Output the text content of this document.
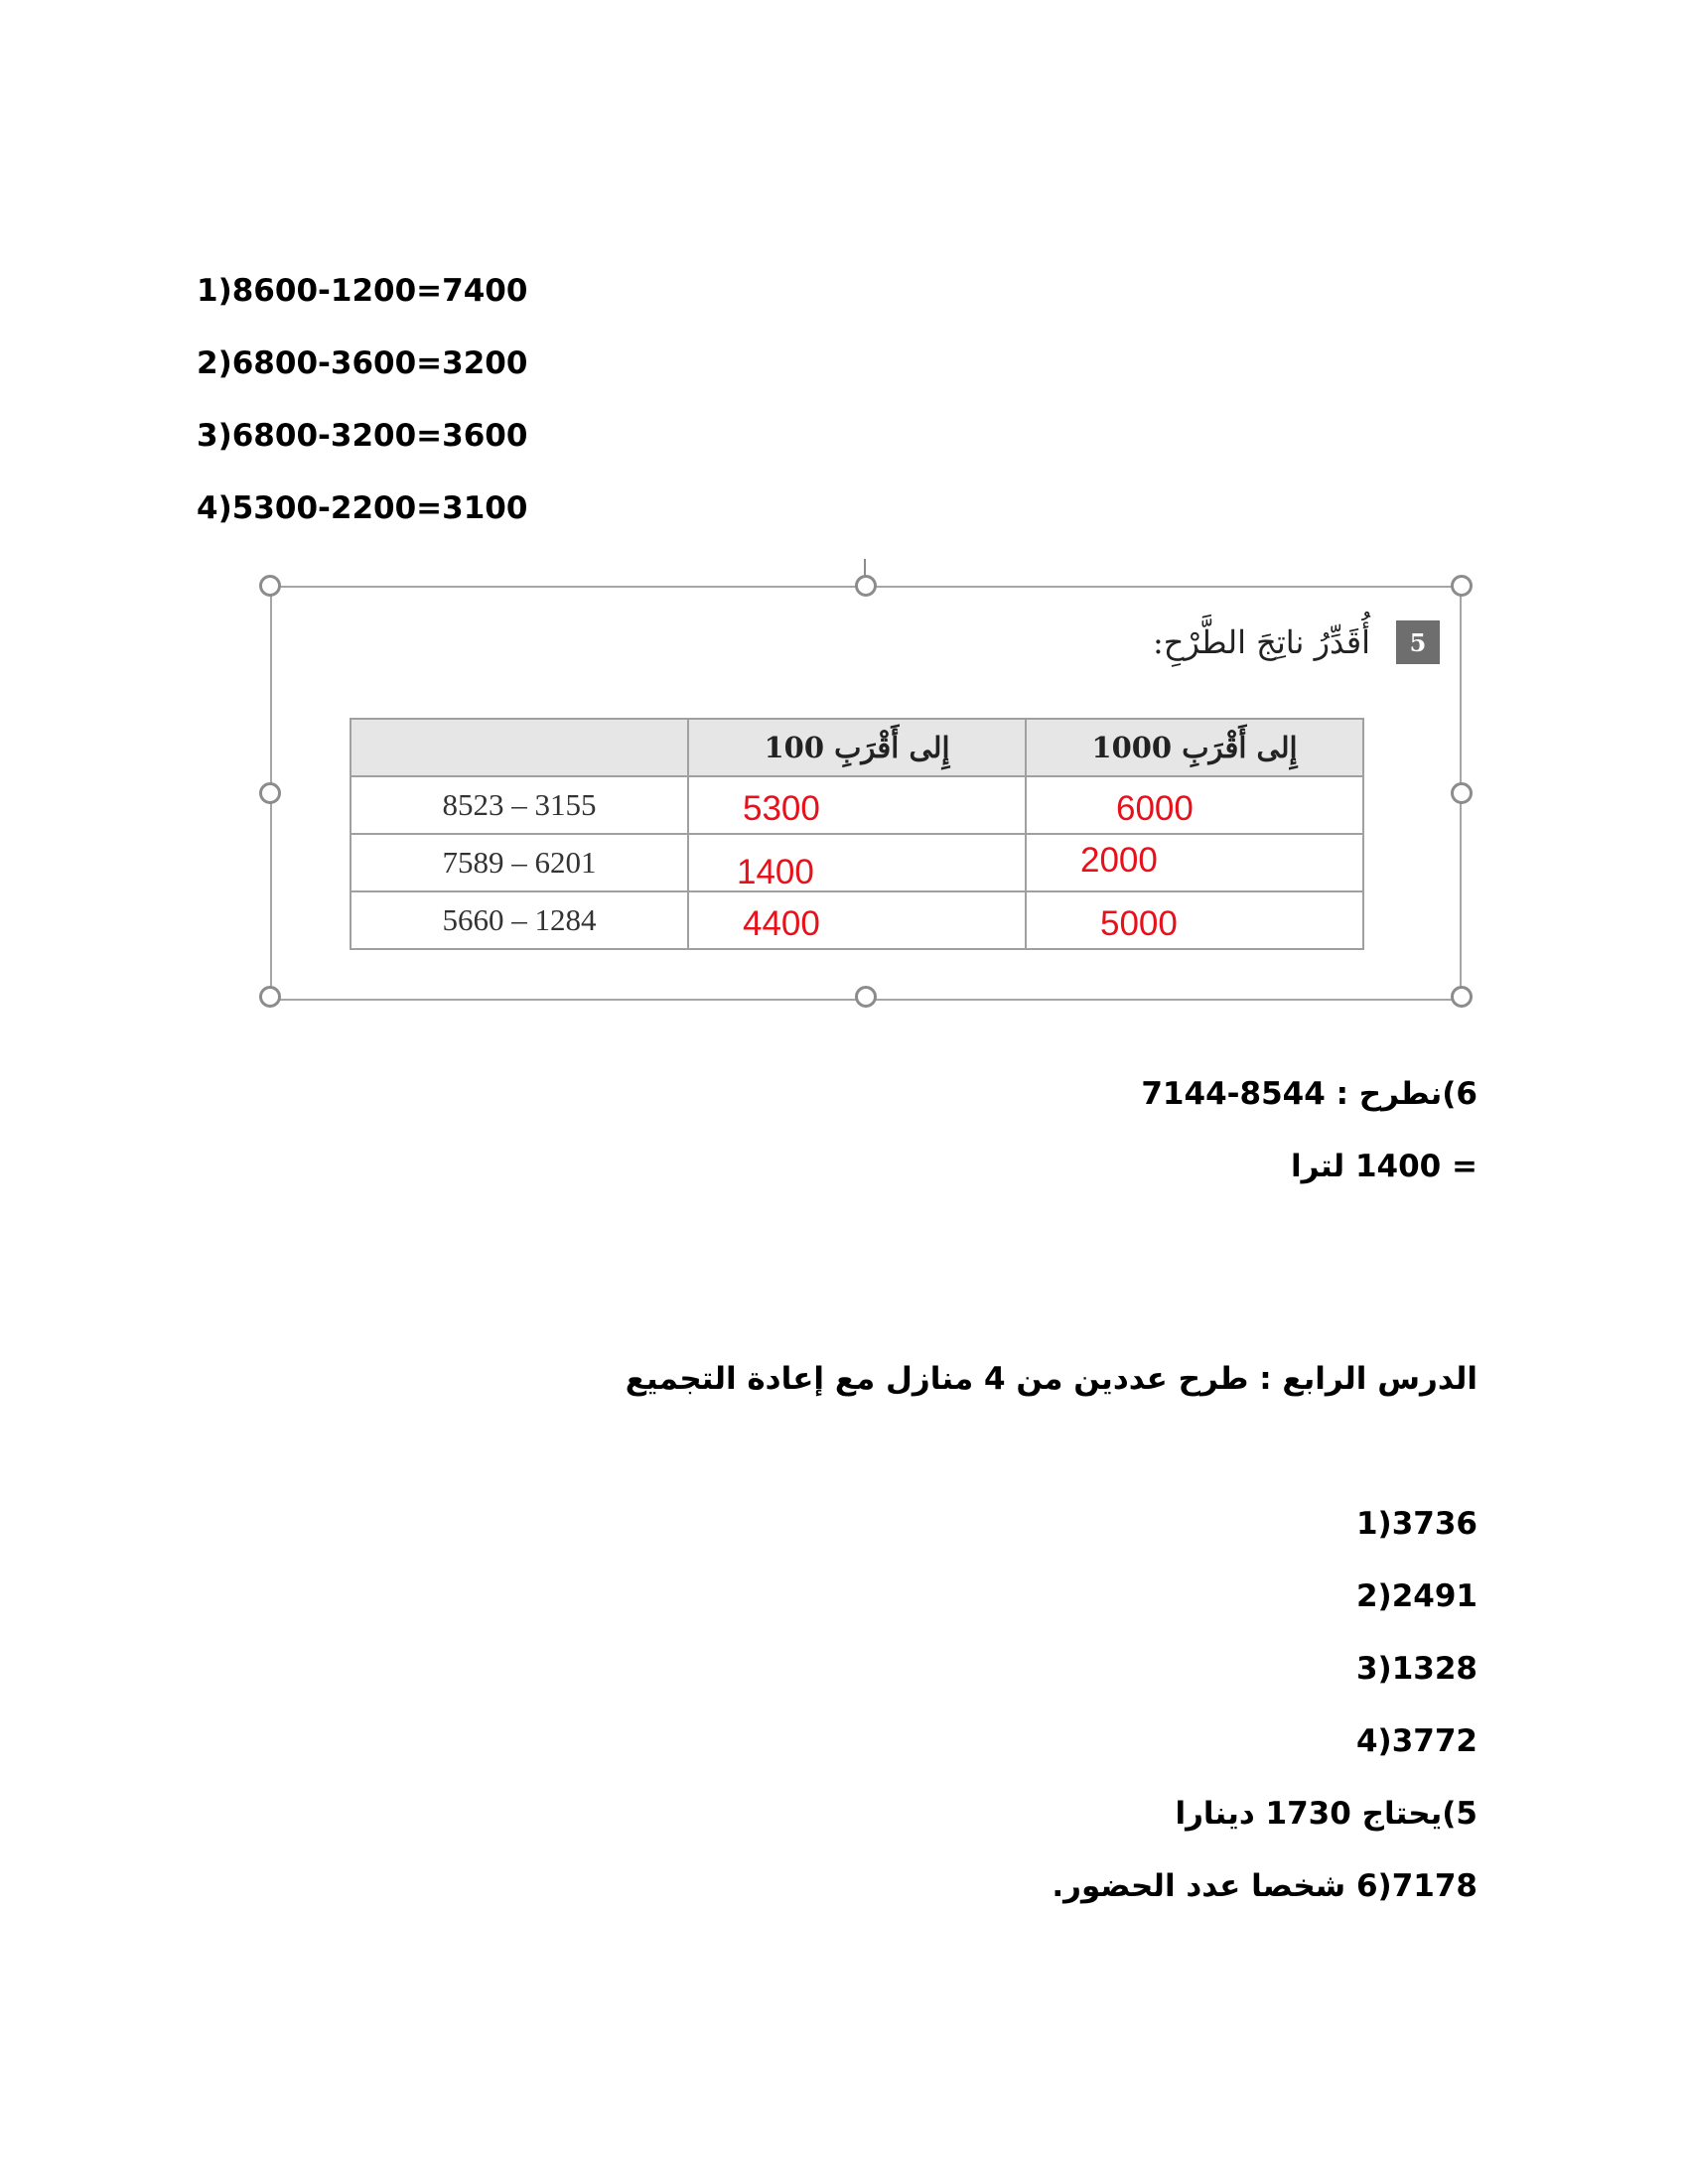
1)8600-1200=7400
2)6800-3600=3200
3)6800-3200=3600
4)5300-2200=3100
5
أُقَدِّرُ ناتِجَ الطَّرْحِ:
	إِلى أَقْرَبِ 100	إِلى أَقْرَبِ 1000
8523 – 3155	5300	6000

7589 – 6201	1400	2000

5660 – 1284	4400	5000
6)نطرح : 8544-7144
= 1400 لترا
الدرس الرابع : طرح عددين من 4 منازل مع إعادة التجميع
3736(1
2491(2
1328(3
3772(4
5)يحتاج 1730 دينارا
7178(6 شخصا عدد الحضور.
